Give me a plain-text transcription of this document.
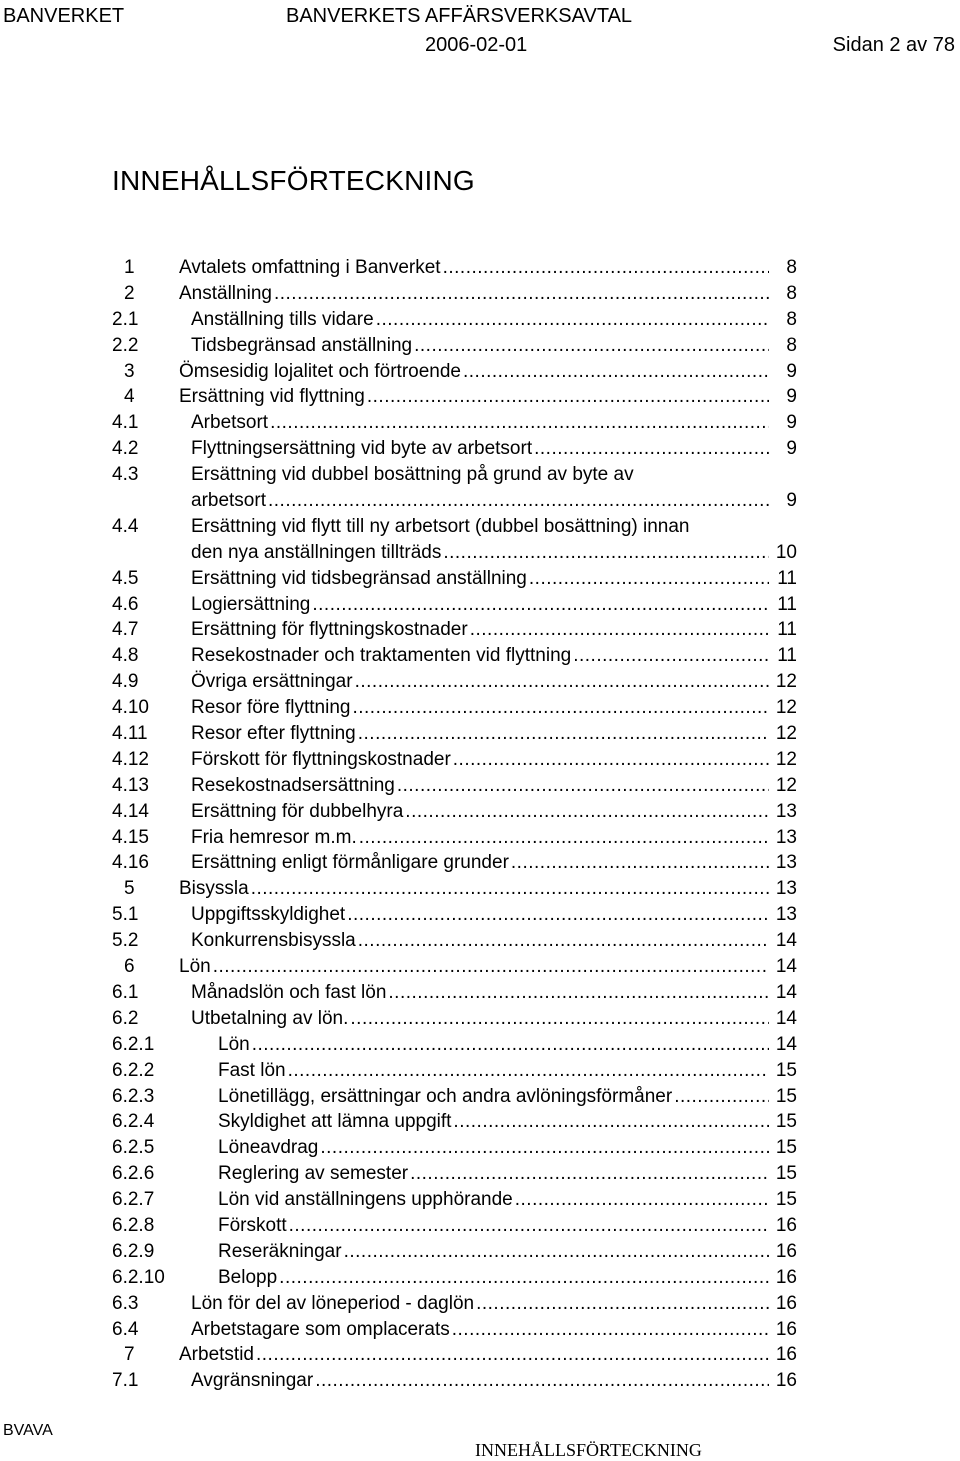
BANVERKET	BANVERKETS AFFÄRSVERKSAVTAL
2006-02-01	Sidan 2 av 78
INNEHÅLLSFÖRTECKNING
1 Avtalets omfattning i Banverket .....	8
2 Anställning .....	8
2.1	Anställning tills vidare .....	8
2.2	Tidsbegränsad anställning .....	8
3 Ömsesidig lojalitet och förtroende .....	9
4 Ersättning vid flyttning .....	9
4.1	Arbetsort .....	9
4.2	Flyttningsersättning vid byte av arbetsort .....	9
4.3	Ersättning vid dubbel bosättning på grund av byte av
arbetsort .....	9
4.4	Ersättning vid flytt till ny arbetsort (dubbel bosättning) innan
den nya anställningen tillträds .....	10
4.5	Ersättning vid tidsbegränsad anställning .....	11
4.6	Logiersättning .....	11
4.7	Ersättning för flyttningskostnader .....	11
4.8	Resekostnader och traktamenten vid flyttning .....	11
4.9	Övriga ersättningar .....	12
4.10 Resor före flyttning .....	12
4.11 Resor efter flyttning .....	12
4.12 Förskott för flyttningskostnader .....	12
4.13 Resekostnadsersättning .....	12
4.14 Ersättning för dubbelhyra .....	13
4.15 Fria hemresor m.m. .....	13
4.16 Ersättning enligt förmånligare grunder .....	13
5 Bisyssla .....	13
5.1	Uppgiftsskyldighet .....	13
5.2	Konkurrensbisyssla .....	14
6 Lön .....	14
6.1	Månadslön och fast lön .....	14
6.2	Utbetalning av lön. .....	14
6.2.1	Lön .....	14
6.2.2	Fast lön .....	15
6.2.3	Lönetillägg, ersättningar och andra avlöningsförmåner .....	15
6.2.4	Skyldighet att lämna uppgift .....	15
6.2.5	Löneavdrag .....	15
6.2.6	Reglering av semester .....	15
6.2.7	Lön vid anställningens upphörande .....	15
6.2.8	Förskott .....	16
6.2.9	Reseräkningar .....	16
6.2.10	Belopp .....	16
6.3	Lön för del av löneperiod - daglön .....	16
6.4	Arbetstagare som omplacerats .....	16
7 Arbetstid .....	16
7.1	Avgränsningar .....	16
BVAVA
INNEHÅLLSFÖRTECKNING
